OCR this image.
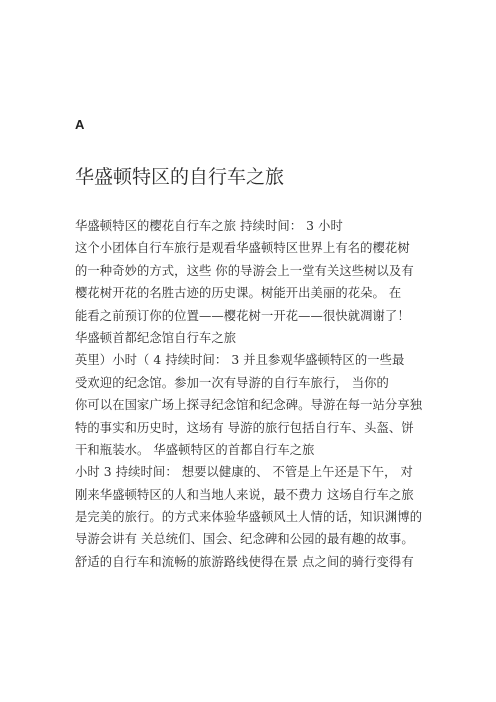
A
华盛顿特区的自行车之旅
华盛顿特区的樱花自行车之旅 持续时间： 3 小时
这个小团体自行车旅行是观看华盛顿特区世界上有名的樱花树
的一种奇妙的方式，这些 你的导游会上一堂有关这些树以及有
樱花树开花的名胜古迹的历史课。树能开出美丽的花朵。 在
能看之前预订你的位置——樱花树一开花——很快就凋谢了！
华盛顿首都纪念馆自行车之旅
英里）小时（ 4 持续时间： 3 并且参观华盛顿特区的一些最
受欢迎的纪念馆。参加一次有导游的自行车旅行， 当你的
你可以在国家广场上探寻纪念馆和纪念碑。导游在每一站分享独
特的事实和历史时，这场有 导游的旅行包括自行车、头盔、饼
干和瓶装水。 华盛顿特区的首都自行车之旅
小时 3 持续时间： 想要以健康的、 不管是上午还是下午， 对
刚来华盛顿特区的人和当地人来说，最不费力 这场自行车之旅
是完美的旅行。的方式来体验华盛顿风土人情的话，知识渊博的
导游会讲有 关总统们、国会、纪念碑和公园的最有趣的故事。
舒适的自行车和流畅的旅游路线使得在景 点之间的骑行变得有
